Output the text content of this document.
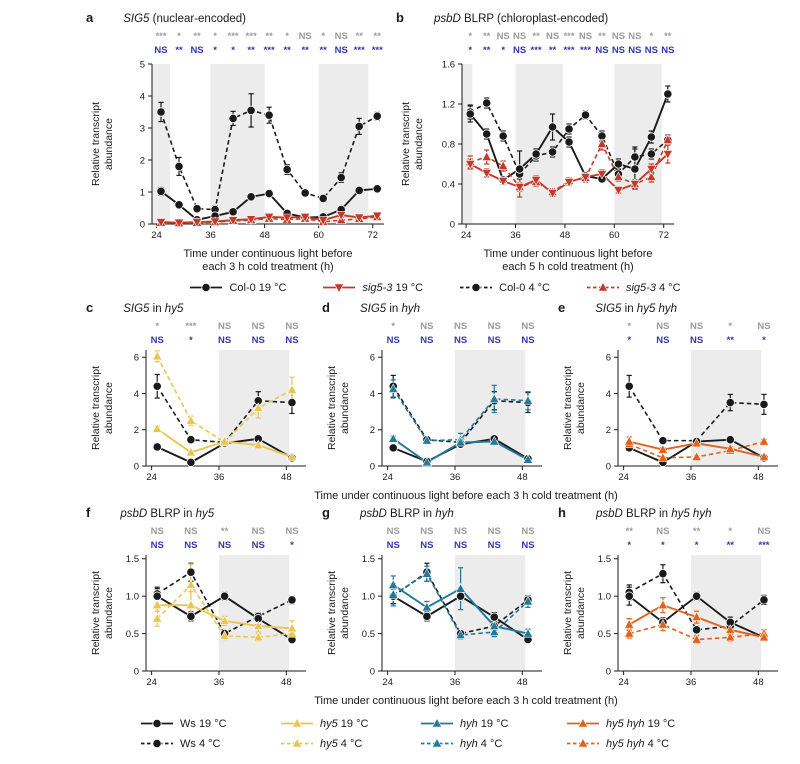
a	SIG5 (nuclear-encoded)
***
NS
*
**
**
NS
*
*
***
*
***
**
**
***
*
**
NS
**
*
**
NS
NS
**
***
**
***
24	36	48	60	72
0
1
2
3
4
5
Relative transcript abundance
Time under continuous light before
each 3 h cold treatment (h)
b	psbD BLRP (chloroplast-encoded)
*
*
**
**
NS
*
NS
NS
**
***
NS
**
***
***
NS
***
**
NS
NS
NS
NS
NS
*
NS
**
NS
24	36	48	60	72
0
0.4
0.8
1.2
1.6
Relative transcript abundance
Time under continuous light before
each 5 h cold treatment (h)
Col-0 19 °C	sig5-3 19 °C	Col-0 4 °C	sig5-3 4 °C
c	SIG5 in hy5
*
NS
***
*
NS
NS
NS
NS
NS
NS
24	36	48
0
2
4
6
Relative transcript abundance
d	SIG5 in hyh
*
NS
NS
NS
NS
NS
NS
NS
NS
NS
24	36	48
0
2
4
6
Relative transcript abundance
e	SIG5 in hy5 hyh
*
*
NS
NS
NS
NS
*
**
NS
*
24	36	48
0
2
4
6
Relative transcript abundance
Time under continuous light before each 3 h cold treatment (h)
f	psbD BLRP in hy5
NS
NS
NS
NS
**
NS
NS
NS
NS
*
24	36	48
0
0.5
1.0
1.5
Relative transcript abundance
g	psbD BLRP in hyh
NS
NS
NS
NS
NS
NS
NS
NS
NS
NS
24	36	48
0
0.5
1.0
1.5
Relative transcript abundance
h	psbD BLRP in hy5 hyh
**
*
NS
*
**
*
*
**
NS
***
24	36	48
0
0.5
1.0
1.5
Relative transcript abundance
Time under continuous light before each 3 h cold treatment (h)
Ws 19 °C	hy5 19 °C	hyh 19 °C	hy5 hyh 19 °C
Ws 4 °C	hy5 4 °C	hyh 4 °C	hy5 hyh 4 °C
